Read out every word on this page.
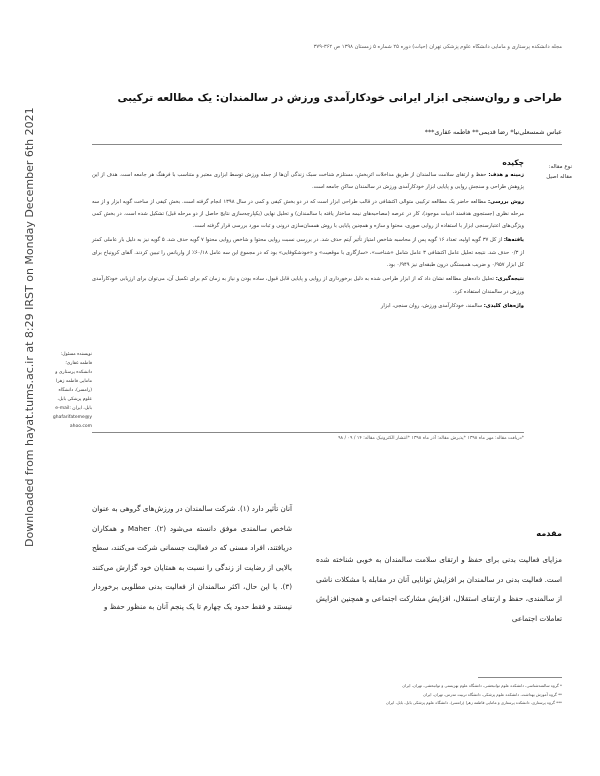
Downloaded from hayat.tums.ac.ir at 8:29 IRST on Monday December 6th 2021
مجله دانشکده پرستاری و مامایی دانشگاه علوم پزشکی تهران (حیات) دوره ۲۵ شماره ۵ زمستان ۱۳۹۸ ص ۳۶۲-۳۷۹
طراحی و روان‌سنجی ابزار ایرانی خودکارآمدی ورزش در سالمندان: یک مطالعه ترکیبی
عباس شمسعلی‌نیا* رضا قدیمی** فاطمه غفاری***
نوع مقاله:
مقاله اصیل
چکیده

زمینه و هدف: حفظ و ارتقای سلامت سالمندان از طریق مداخلات اثربخش، مستلزم شناخت سبک زندگی آن‌ها از جمله ورزش توسط ابزاری معتبر و متناسب با فرهنگ هر جامعه است. هدف از این پژوهش طراحی و سنجش روایی و پایایی ابزار خودکارآمدی ورزش در سالمندان ساکن جامعه است.

روش بررسی: مطالعه حاضر یک مطالعه ترکیبی متوالی اکتشافی در قالب طراحی ابزار است که در دو بخش کیفی و کمی در سال ۱۳۹۸ انجام گرفته است. بخش کیفی از ساخت گویه ابزار و از سه مرحله نظری (جستجوی هدفمند ادبیات موجود)، کار در عرصه (مصاحبه‌های نیمه ساختار یافته با سالمندان) و تحلیل نهایی (یکپارچه‌سازی نتایج حاصل از دو مرحله قبل) تشکیل شده است. در بخش کمی ویژگی‌های اعتبارسنجی ابزار با استفاده از روایی صوری، محتوا و سازه و همچنین پایایی با روش همسان‌سازی درونی و ثبات مورد بررسی قرار گرفته است.

یافته‌ها: از کل ۳۷ گویه اولیه، تعداد ۱۶ گویه پس از محاسبه شاخص امتیاز تأثیر آیتم حذف شد. در بررسی نسبت روایی محتوا و شاخص روایی محتوا ۷ گویه حذف شد. ۵ گویه نیز به دلیل بار عاملی کمتر از ۰/۳ حذف شد. نتیجه تحلیل عامل اکتشافی ۳ عامل شامل «شناخت»، «سازگاری با موقعیت» و «خودشکوفایی» بود که در مجموع این سه عامل ۶۰/۱۸٪ از واریانس را تبیین کردند. آلفای کرونباخ برای کل ابزار ۰/۹۵۷ و ضریب همبستگی درون طبقه‌ای نیز ۰/۹۴۹ بود.

نتیجه‌گیری: تحلیل داده‌های مطالعه نشان داد که از ابزار طراحی شده به دلیل برخورداری از روایی و پایایی قابل قبول، ساده بودن و نیاز به زمان کم برای تکمیل آن، می‌توان برای ارزیابی خودکارآمدی ورزش در سالمندان استفاده کرد.

واژه‌های کلیدی: سالمند، خودکارآمدی ورزش، روان سنجی، ابزار

نویسنده مسئول: فاطمه غفاری؛ دانشکده پرستاری و مامایی فاطمه زهرا (رامسر)، دانشگاه علوم پزشکی بابل، بابل، ایران e-mail: ghafarifateme@yahoo.com
*دریافت مقاله: مهر ماه ۱۳۹۸ *پذیرش مقاله: آذر ماه ۱۳۹۸ *انتشار الکترونیک مقاله: ۱۴ / ۰۹ / ۹۸
مقدمه
مزایای فعالیت بدنی برای حفظ و ارتقای سلامت سالمندان به خوبی شناخته شده است. فعالیت بدنی در سالمندان بر افزایش توانایی آنان در مقابله با مشکلات ناشی از سالمندی، حفظ و ارتقای استقلال، افزایش مشارکت اجتماعی و همچنین افزایش تعاملات اجتماعی
آنان تأثیر دارد (۱). شرکت سالمندان در ورزش‌های گروهی به عنوان شاخص سالمندی موفق دانسته می‌شود (۲). Maher و همکاران دریافتند، افراد مسنی که در فعالیت جسمانی شرکت می‌کنند، سطح بالایی از رضایت از زندگی را نسبت به همتایان خود گزارش می‌کنند (۳). با این حال، اکثر سالمندان از فعالیت بدنی مطلوبی برخوردار نیستند و فقط حدود یک چهارم تا یک پنجم آنان به منظور حفظ و

* گروه سالمندشناسی، دانشکده علوم توانبخشی، دانشگاه علوم بهزیستی و توانبخشی، تهران، ایران

** گروه آموزش بهداشت، دانشکده علوم پزشکی، دانشگاه تربیت مدرس، تهران، ایران

*** گروه پرستاری، دانشکده پرستاری و مامایی فاطمه زهرا (رامسر)، دانشگاه علوم پزشکی بابل، بابل، ایران
